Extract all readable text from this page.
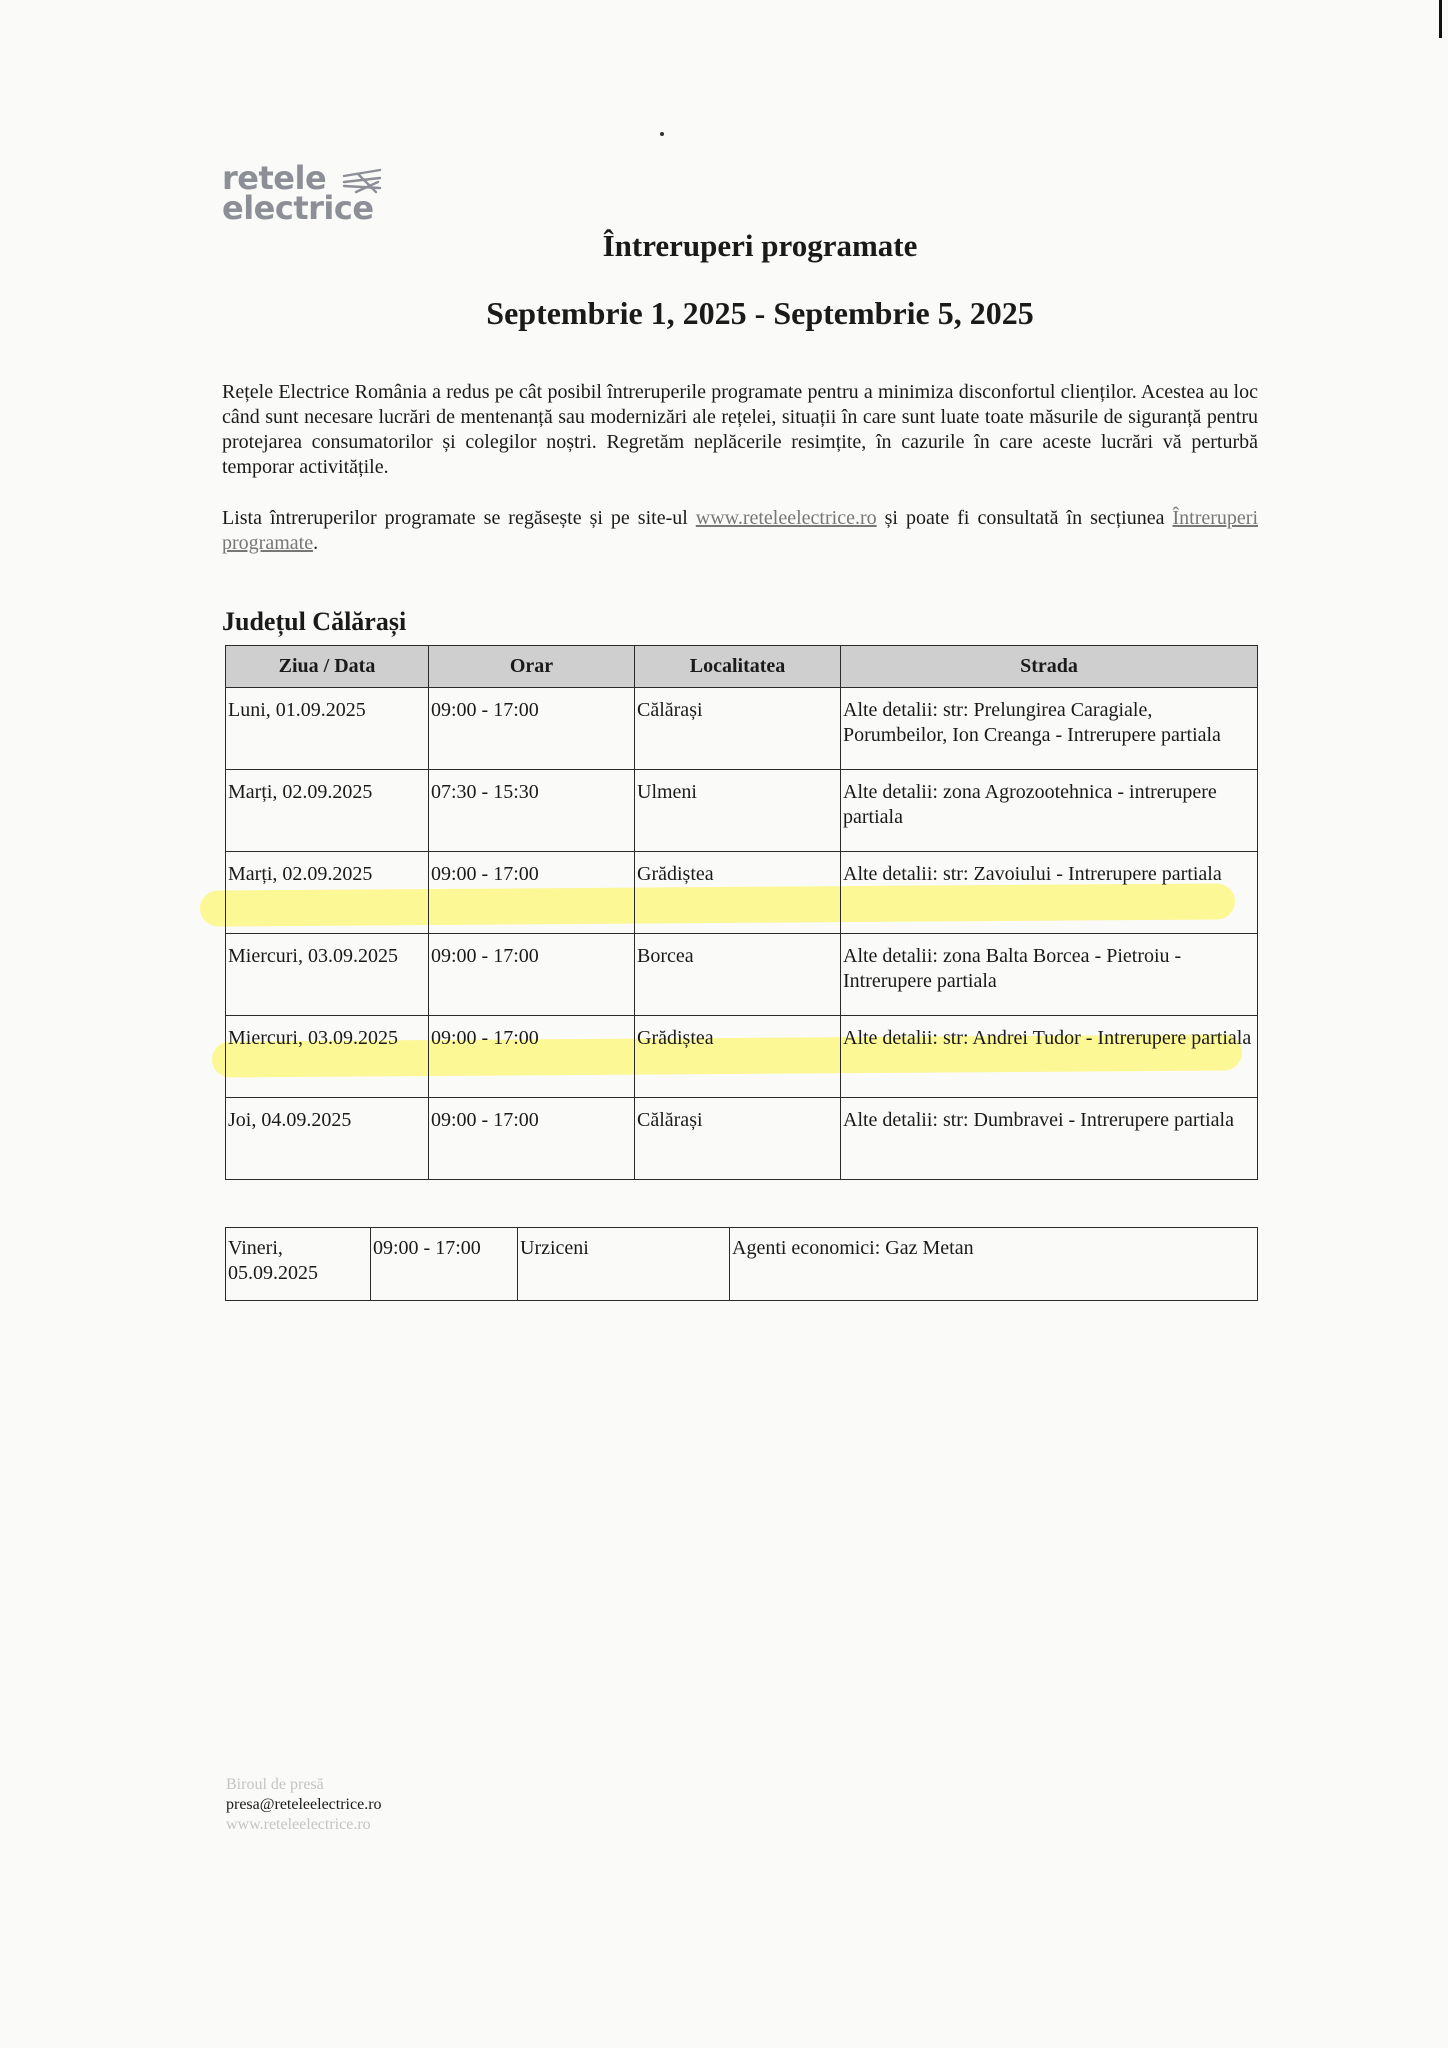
retele
electrice
Întreruperi programate
Septembrie 1, 2025 - Septembrie 5, 2025
Rețele Electrice România a redus pe cât posibil întreruperile programate pentru a minimiza disconfortul clienților. Acestea au loc când sunt necesare lucrări de mentenanță sau modernizări ale rețelei, situații în care sunt luate toate măsurile de siguranță pentru protejarea consumatorilor și colegilor noștri. Regretăm neplăcerile resimțite, în cazurile în care aceste lucrări vă perturbă temporar activitățile.
Lista întreruperilor programate se regăsește și pe site-ul www.reteleelectrice.ro și poate fi consultată în secțiunea Întreruperi programate.
Județul Călărași
Ziua / Data	Orar	Localitatea	Strada
Luni, 01.09.2025	09:00 - 17:00	Călărași	Alte detalii: str: Prelungirea Caragiale, Porumbeilor, Ion Creanga - Intrerupere partiala
Marți, 02.09.2025	07:30 - 15:30	Ulmeni	Alte detalii: zona Agrozootehnica - intrerupere partiala
Marți, 02.09.2025	09:00 - 17:00	Grădiștea	Alte detalii: str: Zavoiului - Intrerupere partiala
Miercuri, 03.09.2025	09:00 - 17:00	Borcea	Alte detalii: zona Balta Borcea - Pietroiu - Intrerupere partiala
Miercuri, 03.09.2025	09:00 - 17:00	Grădiștea	Alte detalii: str: Andrei Tudor - Intrerupere partiala
Joi, 04.09.2025	09:00 - 17:00	Călărași	Alte detalii: str: Dumbravei - Intrerupere partiala
Vineri, 05.09.2025	09:00 - 17:00	Urziceni	Agenti economici: Gaz Metan
Biroul de presă
presa@reteleelectrice.ro
www.reteleelectrice.ro
